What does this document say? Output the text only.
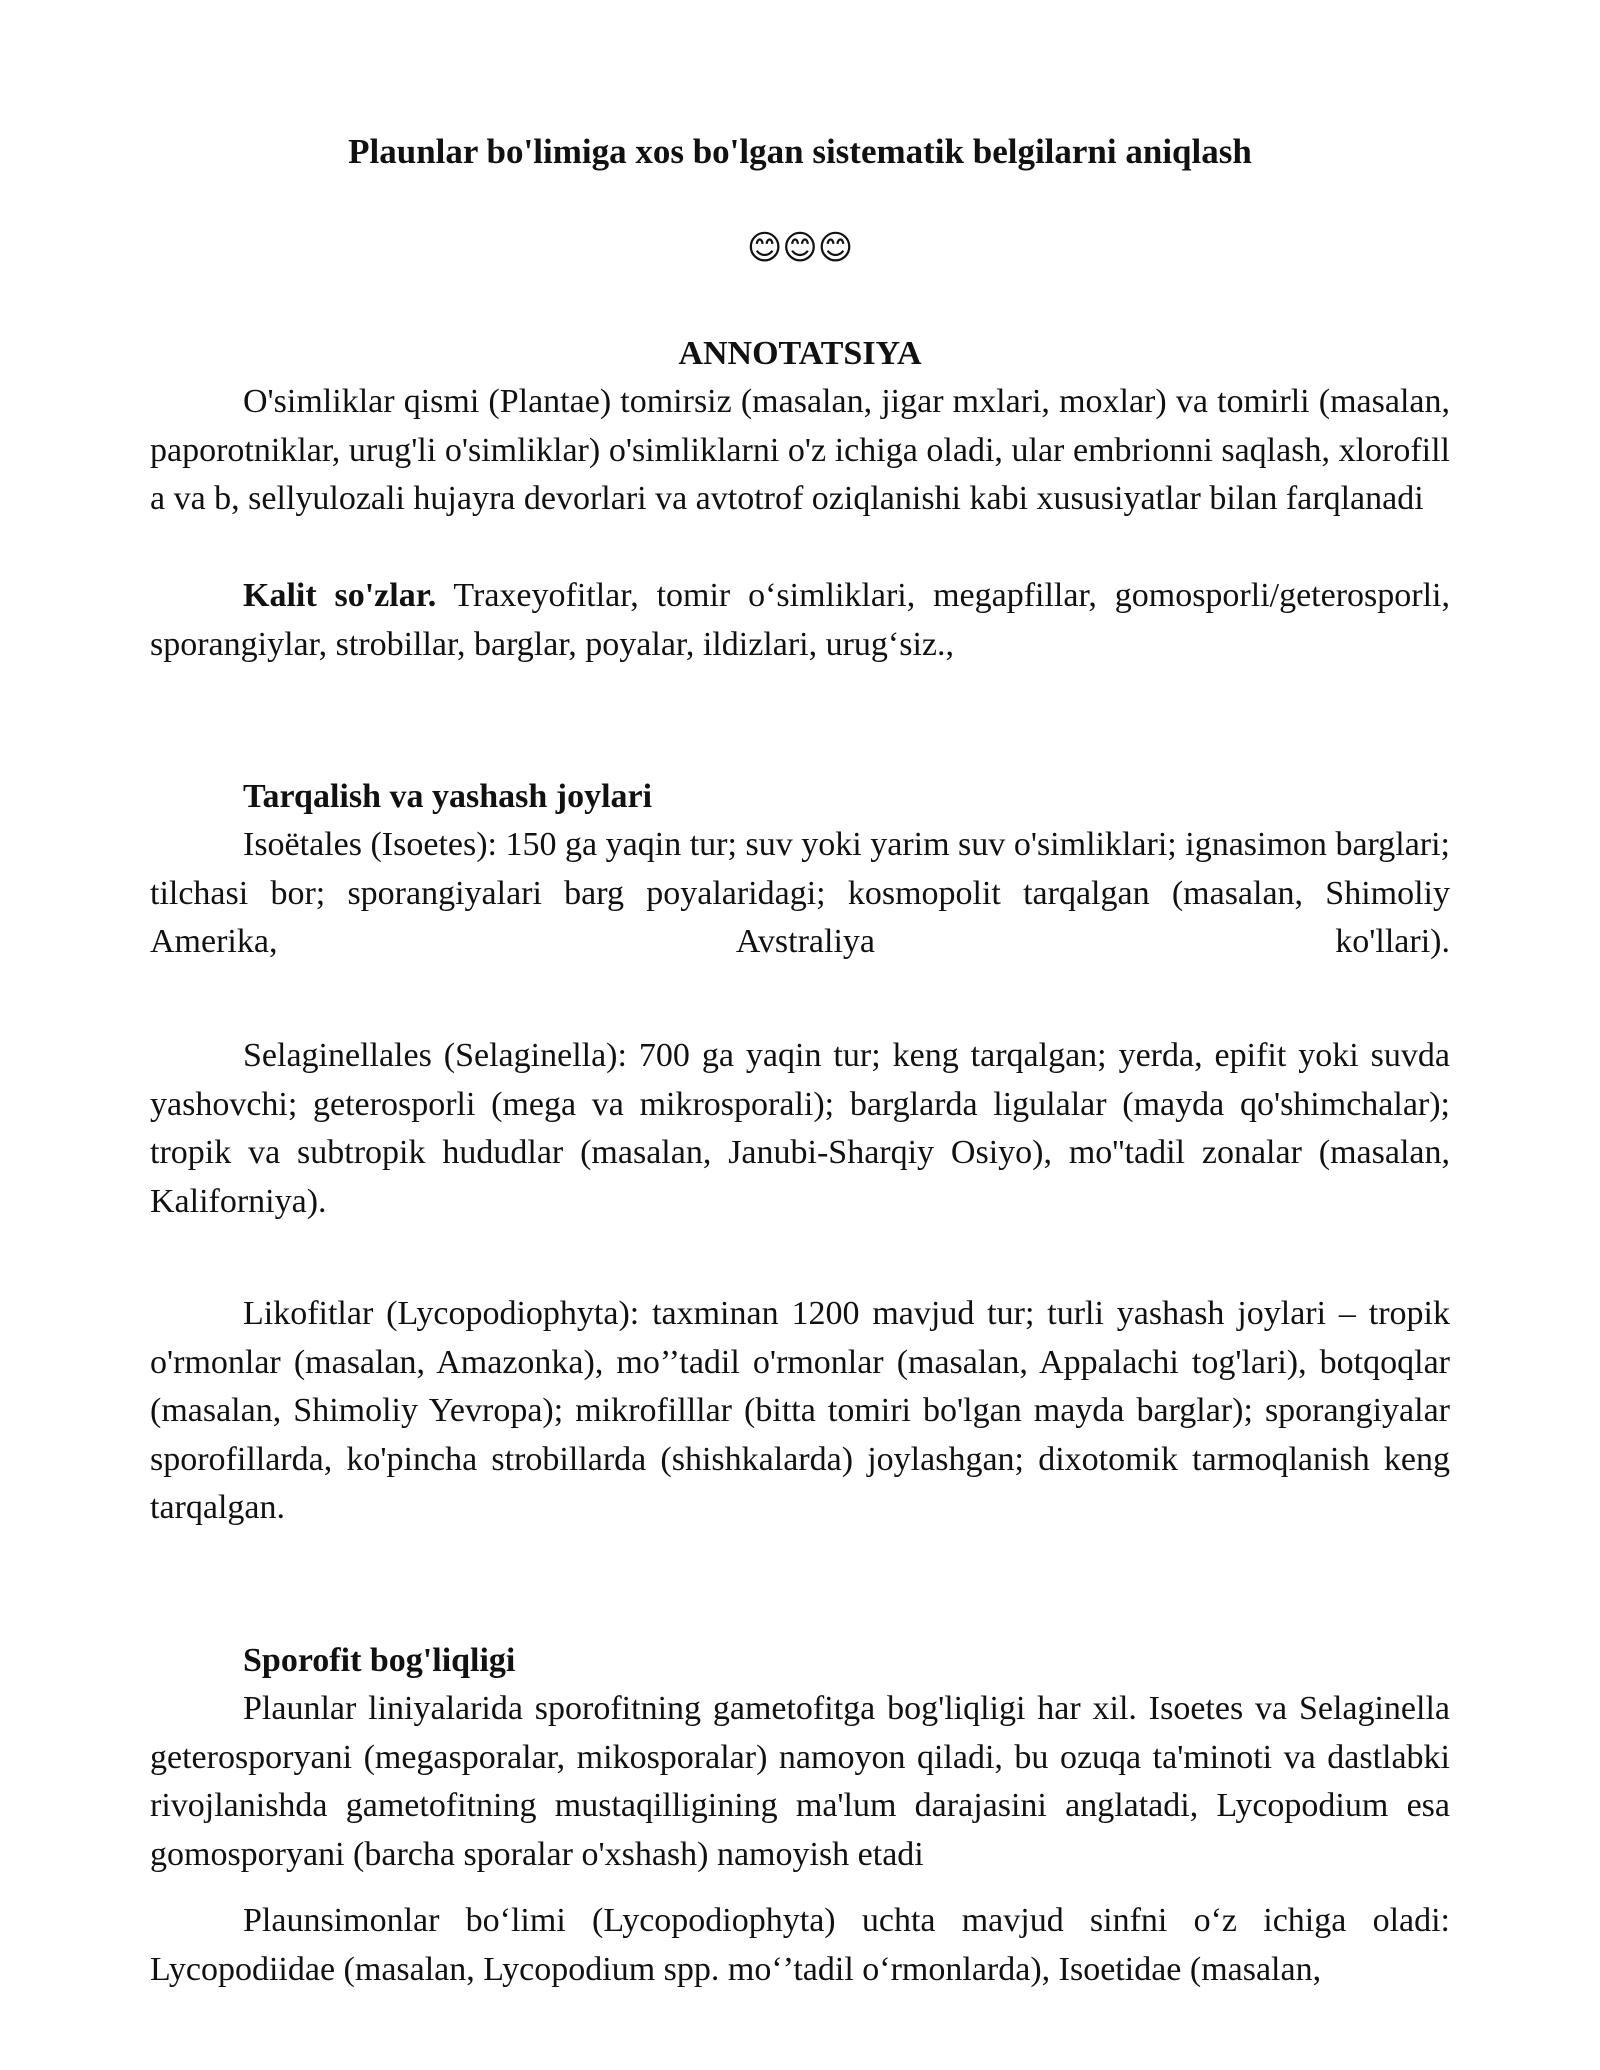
Plaunlar bo'limiga xos bo'lgan sistematik belgilarni aniqlash
😊😊😊
ANNOTATSIYA

O'simliklar qismi (Plantae) tomirsiz (masalan, jigar mxlari, moxlar) va tomirli (masalan, paporotniklar, urug'li o'simliklar) o'simliklarni o'z ichiga oladi, ular embrionni saqlash, xlorofill a va b, sellyulozali hujayra devorlari va avtotrof oziqlanishi kabi xususiyatlar bilan farqlanadi

Kalit so'zlar. Traxeyofitlar, tomir o‘simliklari, megapfillar, gomosporli/geterosporli, sporangiylar, strobillar, barglar, poyalar, ildizlari, urug‘siz.,

Tarqalish va yashash joylari

Isoëtales (Isoetes): 150 ga yaqin tur; suv yoki yarim suv o'simliklari; ignasimon barglari; tilchasi bor; sporangiyalari barg poyalaridagi; kosmopolit tarqalgan (masalan, Shimoliy Amerika, Avstraliya ko'llari).

Selaginellales (Selaginella): 700 ga yaqin tur; keng tarqalgan; yerda, epifit yoki suvda yashovchi; geterosporli (mega va mikrosporali); barglarda ligulalar (mayda qo'shimchalar); tropik va subtropik hududlar (masalan, Janubi-Sharqiy Osiyo), mo''tadil zonalar (masalan, Kaliforniya).

Likofitlar (Lycopodiophyta): taxminan 1200 mavjud tur; turli yashash joylari – tropik o'rmonlar (masalan, Amazonka), mo’’tadil o'rmonlar (masalan, Appalachi tog'lari), botqoqlar (masalan, Shimoliy Yevropa); mikrofilllar (bitta tomiri bo'lgan mayda barglar); sporangiyalar sporofillarda, ko'pincha strobillarda (shishkalarda) joylashgan; dixotomik tarmoqlanish keng tarqalgan.

Sporofit bog'liqligi

Plaunlar liniyalarida sporofitning gametofitga bog'liqligi har xil. Isoetes va Selaginella geterosporyani (megasporalar, mikosporalar) namoyon qiladi, bu ozuqa ta'minoti va dastlabki rivojlanishda gametofitning mustaqilligining ma'lum darajasini anglatadi, Lycopodium esa gomosporyani (barcha sporalar o'xshash) namoyish etadi

Plaunsimonlar bo‘limi (Lycopodiophyta) uchta mavjud sinfni o‘z ichiga oladi: Lycopodiidae (masalan, Lycopodium spp. mo‘’tadil o‘rmonlarda), Isoetidae (masalan,
